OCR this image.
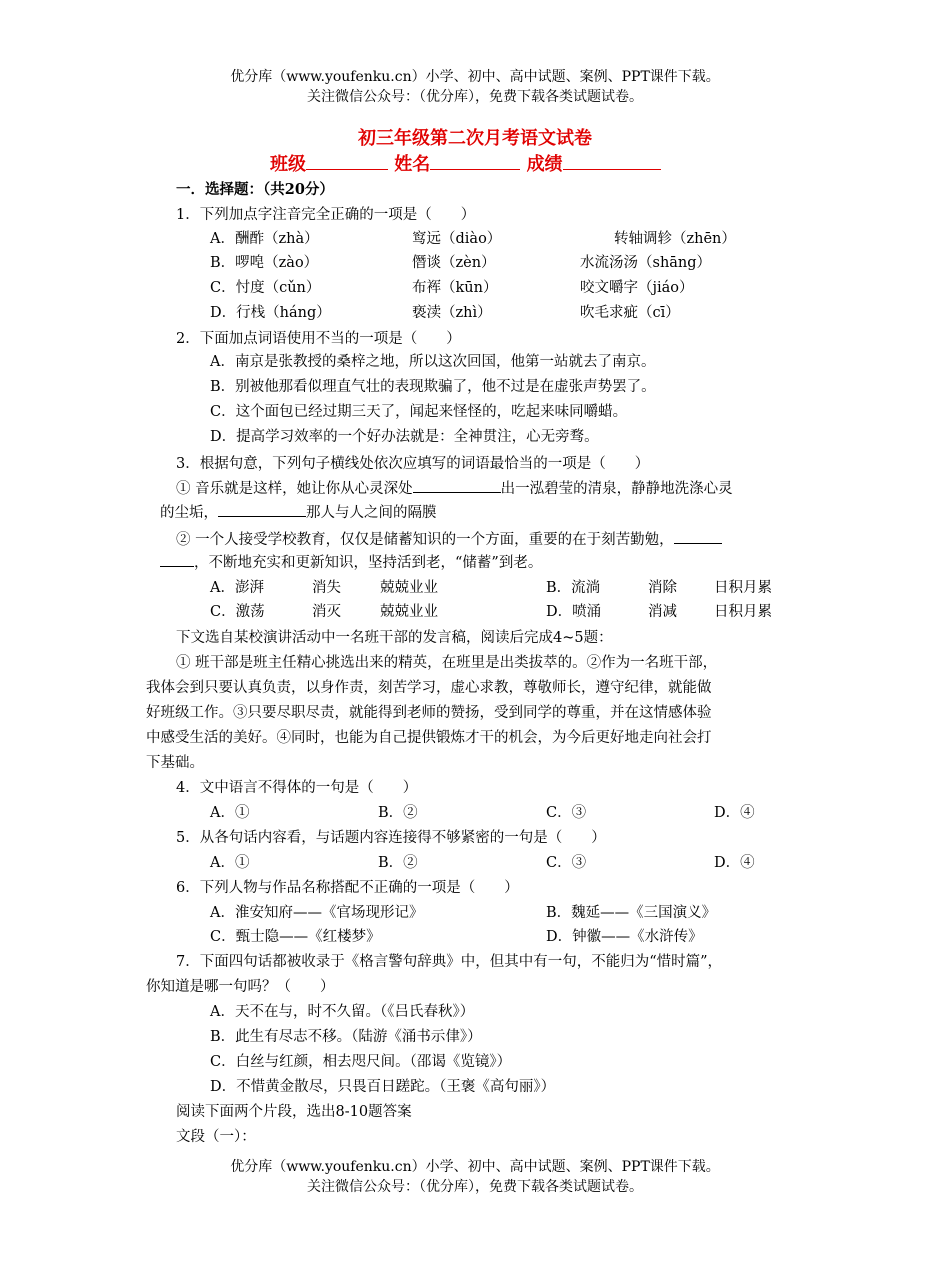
优分库（www.youfenku.cn）小学、初中、高中试题、案例、PPT课件下载。
关注微信公众号：（优分库），免费下载各类试题试卷。
初三年级第二次月考语文试卷
班级	姓名	成绩
一．选择题：（共20分）
1．下列加点字注音完全正确的一项是（　　）
A．酬酢（zhà）	窎远（diào）	转轴调轸（zhēn）
B．啰唣（zào）	僭谈（zèn）	水流汤汤（shāng）
C．忖度（cǔn）	布裈（kūn）	咬文嚼字（jiáo）
D．行栈（háng）	亵渎（zhì）	吹毛求疵（cī）
2．下面加点词语使用不当的一项是（　　）
A．南京是张教授的桑梓之地，所以这次回国，他第一站就去了南京。
B．别被他那看似理直气壮的表现欺骗了，他不过是在虚张声势罢了。
C．这个面包已经过期三天了，闻起来怪怪的，吃起来味同嚼蜡。
D．提高学习效率的一个好办法就是：全神贯注，心无旁骛。
3．根据句意，下列句子横线处依次应填写的词语最恰当的一项是（　　）
① 音乐就是这样，她让你从心灵深处	出一泓碧莹的清泉，静静地洗涤心灵
的尘垢，	那人与人之间的隔膜
② 一个人接受学校教育，仅仅是储蓄知识的一个方面，重要的在于刻苦勤勉，
，不断地充实和更新知识，坚持活到老，“储蓄”到老。
A．澎湃	消失	兢兢业业	B．流淌	消除	日积月累
C．激荡	消灭	兢兢业业	D．喷涌	消减	日积月累
下文选自某校演讲活动中一名班干部的发言稿，阅读后完成4~5题：
① 班干部是班主任精心挑选出来的精英，在班里是出类拔萃的。②作为一名班干部，
我体会到只要认真负责，以身作责，刻苦学习，虚心求教，尊敬师长，遵守纪律，就能做
好班级工作。③只要尽职尽责，就能得到老师的赞扬，受到同学的尊重，并在这情感体验
中感受生活的美好。④同时，也能为自己提供锻炼才干的机会，为今后更好地走向社会打
下基础。
4．文中语言不得体的一句是（　　）
A．①	B．②	C．③	D．④
5．从各句话内容看，与话题内容连接得不够紧密的一句是（　　）
A．①	B．②	C．③	D．④
6．下列人物与作品名称搭配不正确的一项是（　　）
A．淮安知府——《官场现形记》	B．魏延——《三国演义》
C．甄士隐——《红楼梦》	D．钟徽——《水浒传》
7．下面四句话都被收录于《格言警句辞典》中，但其中有一句，不能归为“惜时篇”，
你知道是哪一句吗？（　　）
A．天不在与，时不久留。（《吕氏春秋》）
B．此生有尽志不移。（陆游《涌书示侓》）
C．白丝与红颜，相去咫尺间。（邵谒《览镜》）
D．不惜黄金散尽，只畏百日蹉跎。（王褒《高句丽》）
阅读下面两个片段，选出8-10题答案
文段（一）：
优分库（www.youfenku.cn）小学、初中、高中试题、案例、PPT课件下载。
关注微信公众号：（优分库），免费下载各类试题试卷。
